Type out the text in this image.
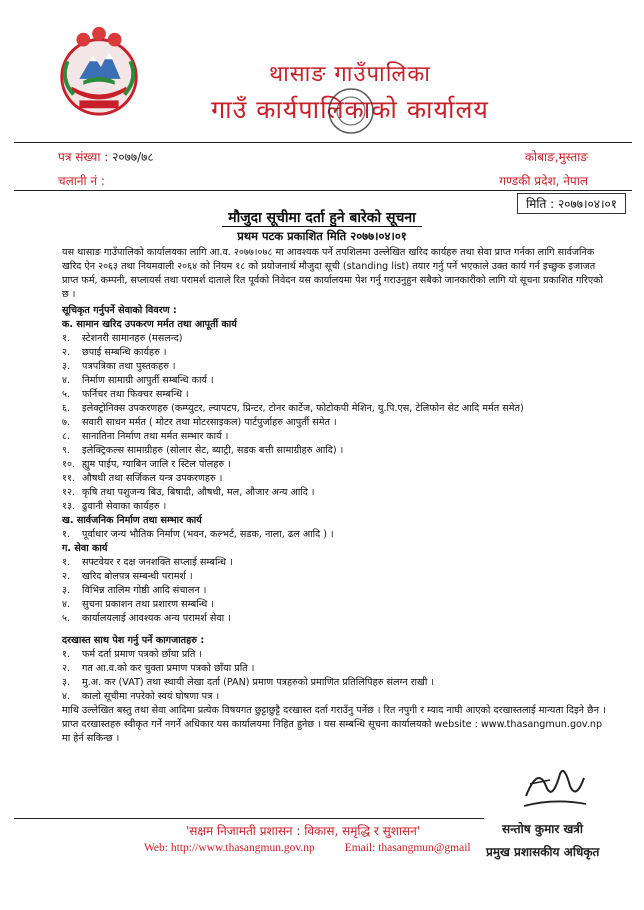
थासाङ गाउँपालिका
गाउँ कार्यपालिकाको कार्यालय
पत्र संख्या : २०७७/७८
चलानी नं :
कोबाङ,मुस्ताङ
गण्डकी प्रदेश, नेपाल
मिति : २०७७।०४।०१
मौजुदा सूचीमा दर्ता हुने बारेको सूचना
प्रथम पटक प्रकाशित मिति २०७७।०४।०१

यस थासाङ गाउँपालिको कार्यालयका लागि आ.व. २०७७।०७८ मा आवश्यक पर्ने तपशिलमा उल्लेखित खरिद कार्यहरु तथा सेवा प्राप्त गर्नका लागि सार्वजनिक खरिद ऐन २०६३ तथा नियमवाली २०६४ को नियम १८ को प्रयोजनार्थ मौजुदा सूची (standing list) तयार गर्नु पर्ने भएकाले उक्त कार्य गर्न इच्छुक इजाजत प्राप्त फर्म, कम्पनी, सप्लायर्स तथा परामर्श दाताले रित पूर्वको निवेदन यस कार्यालयमा पेश गर्नु गराउनुहुन सबैको जानकारीको लागि यो सूचना प्रकाशित गरिएको छ ।

सूचिकृत गर्नुपर्ने सेवाको विवरण :
क. सामान खरिद उपकरण मर्मत तथा आपूर्ती कार्य
१.	स्टेशनरी सामानहरु (मसलन्द)
२.	छपाई सम्बन्धि कार्यहरु ।
३.	पत्रपत्रिका तथा पुस्तकहरु ।
४.	निर्माण सामाग्री आपुर्ती सम्बन्धि कार्य ।
५.	फर्निचर तथा फिक्चर सम्बन्धि ।
६.	इलेक्ट्रोनिक्स उपकरणहरु (कम्प्युटर, ल्यापटप, प्रिन्टर, टोनर कार्टेज, फोटोकपी मेशिन, यु.पि.एस, टेलिफोन सेट आदि मर्मत समेत)
७.	सवारी साधन मर्मत ( मोटर तथा मोटरसाइकल) पार्टपुर्जाहरु आपुर्ती समेत ।
८.	सानातिना निर्माण तथा मर्मत सम्भार कार्य ।
९.	इलेक्ट्रिकल्स सामाग्रीहरु (सोलार सेट, ब्याट्री, सडक बत्ती सामाग्रीहरु आदि) ।
१०. ह्युम पाईप, ग्याबिन जालि र स्टिल पोलहरु ।
११. औषधी तथा सर्जिकल यन्त्र उपकरणहरु ।
१२. कृषि तथा पशुजन्य बिउ, बिषादी, औषधी, मल, औजार अन्य आदि ।
१३. ढुवानी सेवाका कार्यहरु ।
ख. सार्वजनिक निर्माण तथा सम्भार कार्य
१.	पूर्वाधार जन्य भौतिक निर्माण (भवन, कल्भर्ट, सडक, नाला, ढल आदि ) ।
ग. सेवा कार्य
१.	सफ्टवेयर र दक्ष जनशक्ति सप्लाई सम्बन्धि ।
२.	खरिद बोलपत्र सम्बन्धी परामर्श ।
३.	विभिन्न तालिम गोष्ठी आदि संचालन ।
४.	सुचना प्रकाशन तथा प्रशारण सम्बन्धि ।
५.	कार्यालयलाई आवश्यक अन्य परामर्श सेवा ।
दरखास्त साथ पेश गर्नु पर्ने कागजातहरु :
१.	फर्म दर्ता प्रमाण पत्रको छाँया प्रति ।
२.	गत आ.व.को कर चुक्ता प्रमाण पत्रको छाँया प्रति ।
३.	मु.अ. कर (VAT) तथा स्थायी लेखा दर्ता (PAN) प्रमाण पत्रहरुको प्रमाणित प्रतिलिपिहरु संलग्न राखी ।
४.	कालो सूचीमा नपरेको स्वयं घोषणा पत्र ।

माथि उल्लेखित बस्तु तथा सेवा आदिमा प्रत्येक विषयगत छुट्टाछुट्टै दरखास्त दर्ता गराउँनु पर्नेछ । रित नपुगी र म्याद नाघी आएको दरखास्तलाई मान्यता दिइने छैन । प्राप्त दरखास्तहरु स्वीकृत गर्ने नगर्ने अधिकार यस कार्यालयमा निहित हुनेछ । यस सम्बन्धि सूचना कार्यालयको website : www.thasangmun.gov.np मा हेर्न सकिन्छ ।

'सक्षम निजामती प्रशासन : विकास, समृद्धि र सुशासन'
Web: http://www.thasangmun.gov.np	Email: thasangmun@gmail
सन्तोष कुमार खत्री
प्रमुख प्रशासकीय अधिकृत
